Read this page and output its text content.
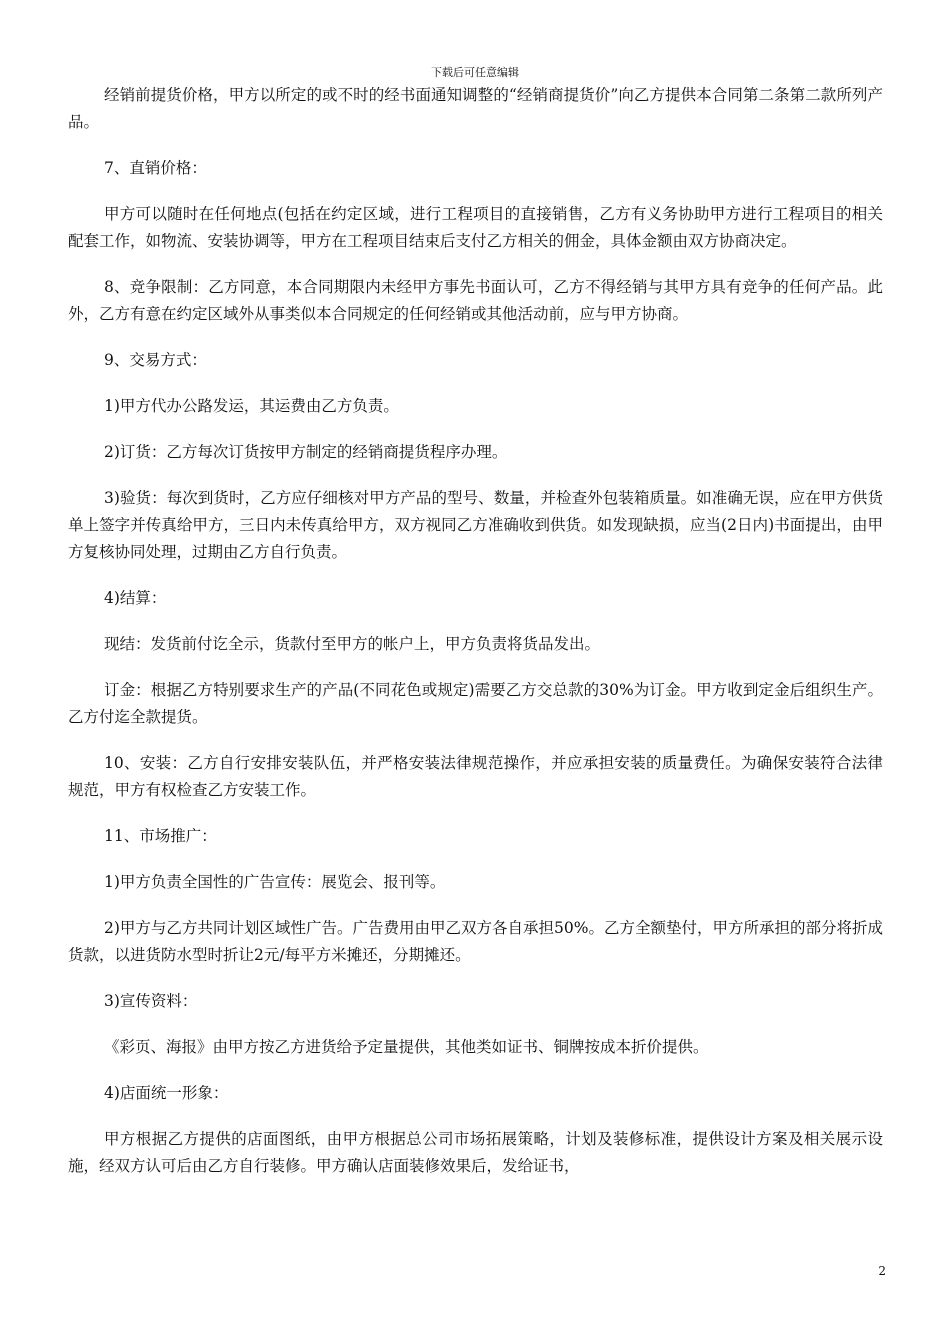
下载后可任意编辑

经销前提货价格，甲方以所定的或不时的经书面通知调整的“经销商提货价”向乙方提供本合同第二条第二款所列产品。

7、直销价格：

甲方可以随时在任何地点(包括在约定区域，进行工程项目的直接销售，乙方有义务协助甲方进行工程项目的相关配套工作，如物流、安装协调等，甲方在工程项目结束后支付乙方相关的佣金，具体金额由双方协商决定。

8、竞争限制：乙方同意，本合同期限内未经甲方事先书面认可，乙方不得经销与其甲方具有竞争的任何产品。此外，乙方有意在约定区域外从事类似本合同规定的任何经销或其他活动前，应与甲方协商。

9、交易方式：

1)甲方代办公路发运，其运费由乙方负责。

2)订货：乙方每次订货按甲方制定的经销商提货程序办理。

3)验货：每次到货时，乙方应仔细核对甲方产品的型号、数量，并检查外包装箱质量。如准确无误，应在甲方供货单上签字并传真给甲方，三日内未传真给甲方，双方视同乙方准确收到供货。如发现缺损，应当(2日内)书面提出，由甲方复核协同处理，过期由乙方自行负责。

4)结算：

现结：发货前付讫全示，货款付至甲方的帐户上，甲方负责将货品发出。

订金：根据乙方特别要求生产的产品(不同花色或规定)需要乙方交总款的30%为订金。甲方收到定金后组织生产。乙方付迄全款提货。

10、安装：乙方自行安排安装队伍，并严格安装法律规范操作，并应承担安装的质量费任。为确保安装符合法律规范，甲方有权检查乙方安装工作。

11、市场推广：

1)甲方负责全国性的广告宣传：展览会、报刊等。

2)甲方与乙方共同计划区域性广告。广告费用由甲乙双方各自承担50%。乙方全额垫付，甲方所承担的部分将折成货款，以进货防水型时折让2元/每平方米摊还，分期摊还。

3)宣传资料：

《彩页、海报》由甲方按乙方进货给予定量提供，其他类如证书、铜牌按成本折价提供。

4)店面统一形象：

甲方根据乙方提供的店面图纸，由甲方根据总公司市场拓展策略，计划及装修标准，提供设计方案及相关展示设施，经双方认可后由乙方自行装修。甲方确认店面装修效果后，发给证书，

2
